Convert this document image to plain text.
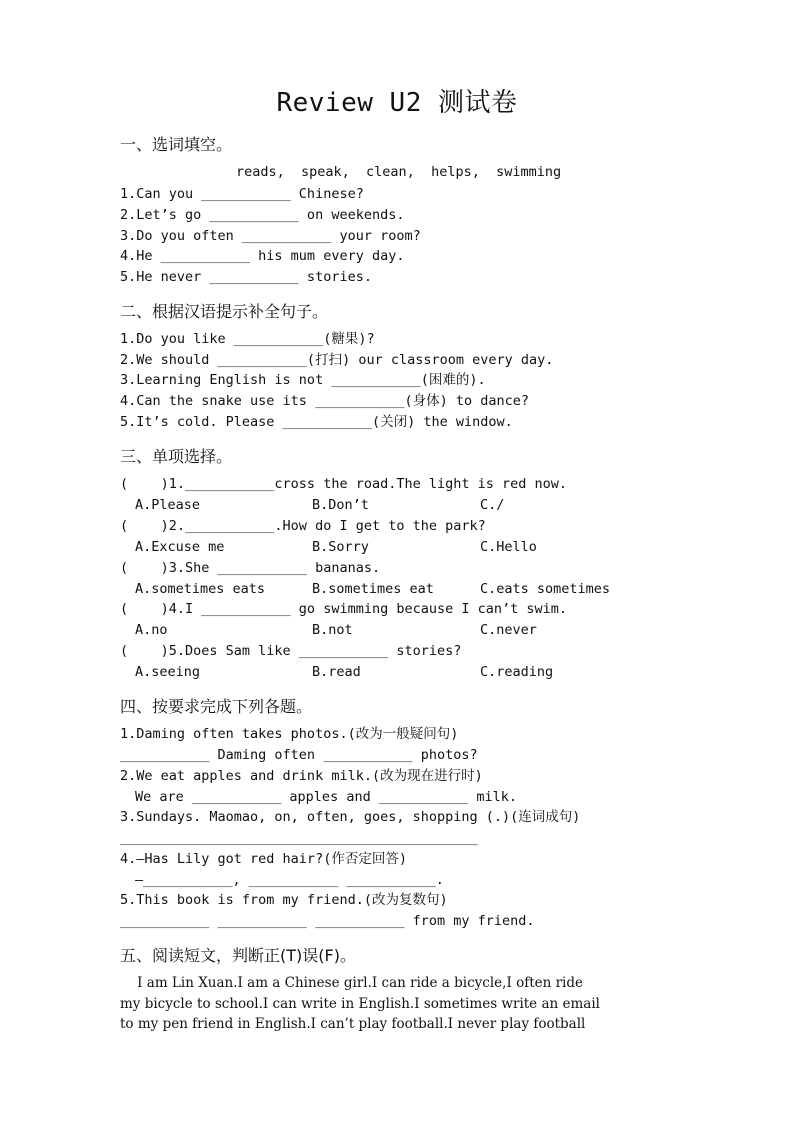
Review U2 测试卷
一、选词填空。
reads,  speak,  clean,  helps,  swimming
1.Can you ___________ Chinese?
2.Let’s go ___________ on weekends.
3.Do you often ___________ your room?
4.He ___________ his mum every day.
5.He never ___________ stories.
二、根据汉语提示补全句子。
1.Do you like ___________(糖果)?
2.We should ___________(打扫) our classroom every day.
3.Learning English is not ___________(困难的).
4.Can the snake use its ___________(身体) to dance?
5.It’s cold. Please ___________(关闭) the window.
三、单项选择。
(    )1.___________cross the road.The light is red now.
A.Please	B.Don’t	C./
(    )2.___________.How do I get to the park?
A.Excuse me	B.Sorry	C.Hello
(    )3.She ___________ bananas.
A.sometimes eats	B.sometimes eat	C.eats sometimes
(    )4.I ___________ go swimming because I can’t swim.
A.no	B.not	C.never
(    )5.Does Sam like ___________ stories?
A.seeing	B.read	C.reading
四、按要求完成下列各题。
1.Daming often takes photos.(改为一般疑问句)
___________ Daming often ___________ photos?
2.We eat apples and drink milk.(改为现在进行时)
We are ___________ apples and ___________ milk.
3.Sundays. Maomao, on, often, goes, shopping (.)(连词成句)
____________________________________________
4.—Has Lily got red hair?(作否定回答)
—___________, ___________ ___________.
5.This book is from my friend.(改为复数句)
___________ ___________ ___________ from my friend.
五、阅读短文，判断正(T)误(F)。
I am Lin Xuan.I am a Chinese girl.I can ride a bicycle,I often ride
my bicycle to school.I can write in English.I sometimes write an email
to my pen friend in English.I can’t play football.I never play football
